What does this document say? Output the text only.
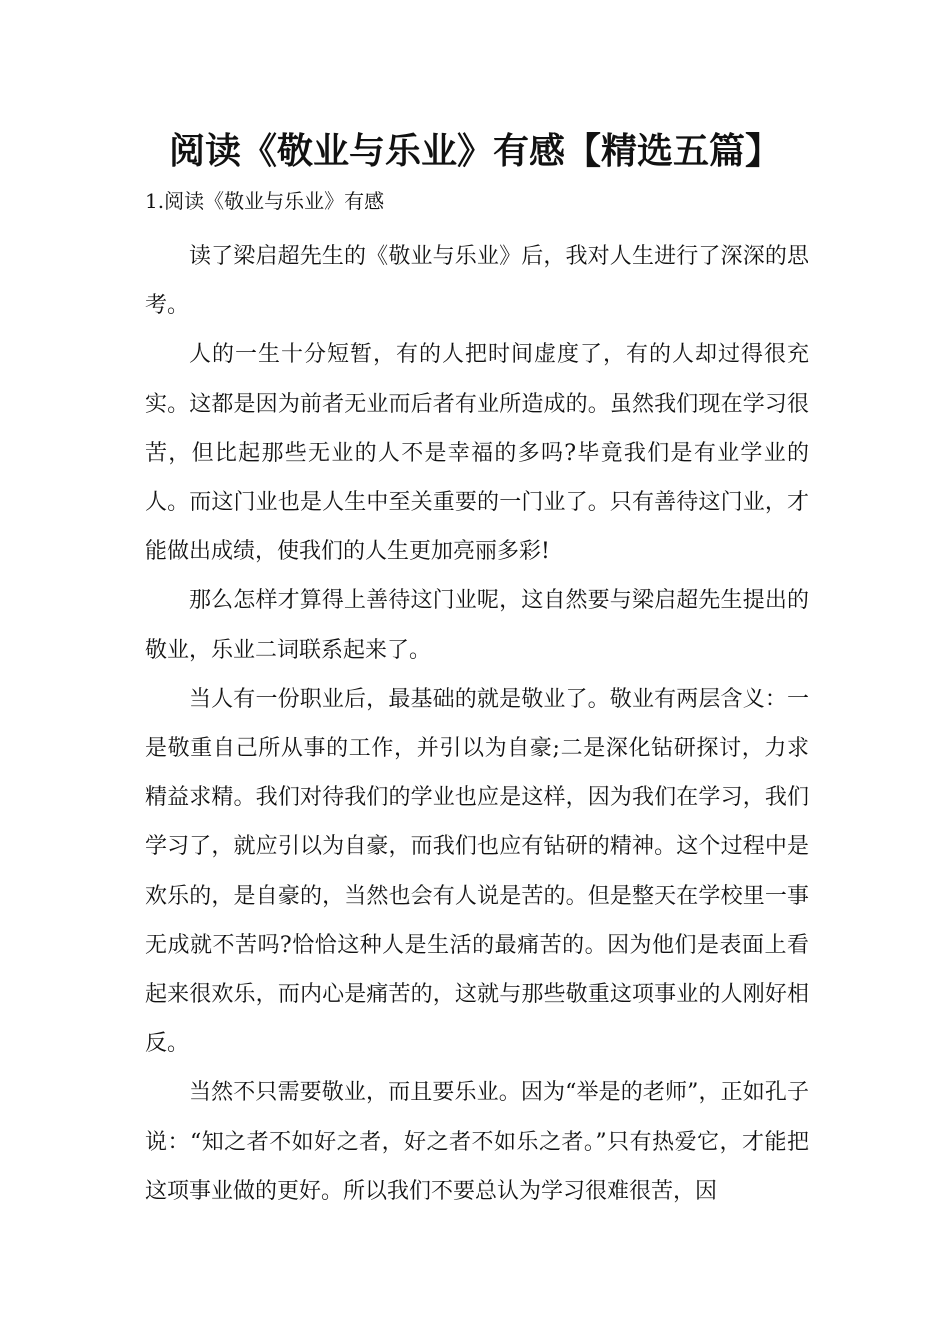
阅读《敬业与乐业》有感【精选五篇】
1.阅读《敬业与乐业》有感

读了梁启超先生的《敬业与乐业》后，我对人生进行了深深的思考。

人的一生十分短暂，有的人把时间虚度了，有的人却过得很充实。这都是因为前者无业而后者有业所造成的。虽然我们现在学习很苦，但比起那些无业的人不是幸福的多吗?毕竟我们是有业学业的人。而这门业也是人生中至关重要的一门业了。只有善待这门业，才能做出成绩，使我们的人生更加亮丽多彩!

那么怎样才算得上善待这门业呢，这自然要与梁启超先生提出的敬业，乐业二词联系起来了。

当人有一份职业后，最基础的就是敬业了。敬业有两层含义：一是敬重自己所从事的工作，并引以为自豪;二是深化钻研探讨，力求精益求精。我们对待我们的学业也应是这样，因为我们在学习，我们学习了，就应引以为自豪，而我们也应有钻研的精神。这个过程中是欢乐的，是自豪的，当然也会有人说是苦的。但是整天在学校里一事无成就不苦吗?恰恰这种人是生活的最痛苦的。因为他们是表面上看起来很欢乐，而内心是痛苦的，这就与那些敬重这项事业的人刚好相反。

当然不只需要敬业，而且要乐业。因为“举是的老师”，正如孔子说：“知之者不如好之者，好之者不如乐之者。”只有热爱它，才能把这项事业做的更好。所以我们不要总认为学习很难很苦，因
